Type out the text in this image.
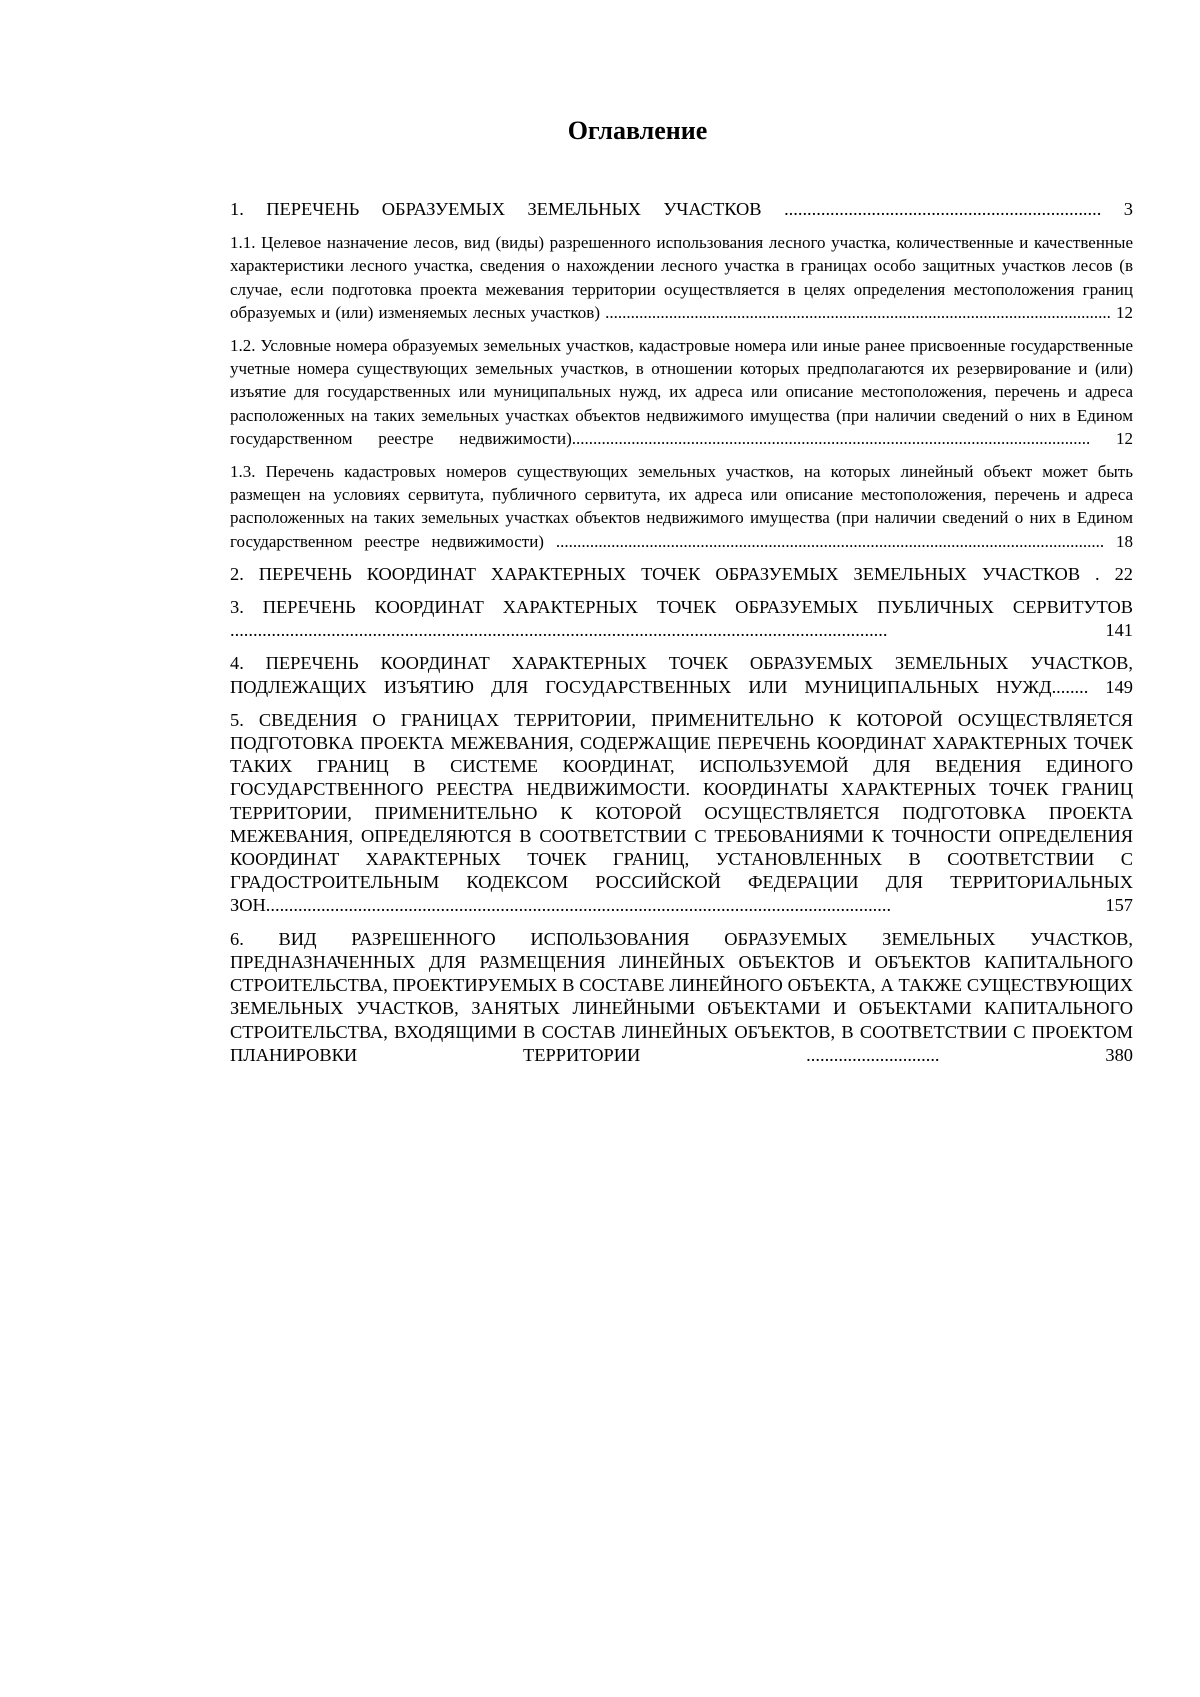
Оглавление

1. ПЕРЕЧЕНЬ ОБРАЗУЕМЫХ ЗЕМЕЛЬНЫХ УЧАСТКОВ ..................................................................... 3

1.1. Целевое назначение лесов, вид (виды) разрешенного использования лесного участка, количественные и качественные характеристики лесного участка, сведения о нахождении лесного участка в границах особо защитных участков лесов (в случае, если подготовка проекта межевания территории осуществляется в целях определения местоположения границ образуемых и (или) изменяемых лесных участков) ....................................................................................................................... 12

1.2. Условные номера образуемых земельных участков, кадастровые номера или иные ранее присвоенные государственные учетные номера существующих земельных участков, в отношении которых предполагаются их резервирование и (или) изъятие для государственных или муниципальных нужд, их адреса или описание местоположения, перечень и адреса расположенных на таких земельных участках объектов недвижимого имущества (при наличии сведений о них в Едином государственном реестре недвижимости).......................................................................................................................... 12

1.3. Перечень кадастровых номеров существующих земельных участков, на которых линейный объект может быть размещен на условиях сервитута, публичного сервитута, их адреса или описание местоположения, перечень и адреса расположенных на таких земельных участках объектов недвижимого имущества (при наличии сведений о них в Едином государственном реестре недвижимости) ................................................................................................................................. 18

2. ПЕРЕЧЕНЬ КООРДИНАТ ХАРАКТЕРНЫХ ТОЧЕК ОБРАЗУЕМЫХ ЗЕМЕЛЬНЫХ УЧАСТКОВ . 22

3. ПЕРЕЧЕНЬ КООРДИНАТ ХАРАКТЕРНЫХ ТОЧЕК ОБРАЗУЕМЫХ ПУБЛИЧНЫХ СЕРВИТУТОВ ............................................................................................................................................... 141

4. ПЕРЕЧЕНЬ КООРДИНАТ ХАРАКТЕРНЫХ ТОЧЕК ОБРАЗУЕМЫХ ЗЕМЕЛЬНЫХ УЧАСТКОВ, ПОДЛЕЖАЩИХ ИЗЪЯТИЮ ДЛЯ ГОСУДАРСТВЕННЫХ ИЛИ МУНИЦИПАЛЬНЫХ НУЖД........ 149

5. СВЕДЕНИЯ О ГРАНИЦАХ ТЕРРИТОРИИ, ПРИМЕНИТЕЛЬНО К КОТОРОЙ ОСУЩЕСТВЛЯЕТСЯ ПОДГОТОВКА ПРОЕКТА МЕЖЕВАНИЯ, СОДЕРЖАЩИЕ ПЕРЕЧЕНЬ КООРДИНАТ ХАРАКТЕРНЫХ ТОЧЕК ТАКИХ ГРАНИЦ В СИСТЕМЕ КООРДИНАТ, ИСПОЛЬЗУЕМОЙ ДЛЯ ВЕДЕНИЯ ЕДИНОГО ГОСУДАРСТВЕННОГО РЕЕСТРА НЕДВИЖИМОСТИ. КООРДИНАТЫ ХАРАКТЕРНЫХ ТОЧЕК ГРАНИЦ ТЕРРИТОРИИ, ПРИМЕНИТЕЛЬНО К КОТОРОЙ ОСУЩЕСТВЛЯЕТСЯ ПОДГОТОВКА ПРОЕКТА МЕЖЕВАНИЯ, ОПРЕДЕЛЯЮТСЯ В СООТВЕТСТВИИ С ТРЕБОВАНИЯМИ К ТОЧНОСТИ ОПРЕДЕЛЕНИЯ КООРДИНАТ ХАРАКТЕРНЫХ ТОЧЕК ГРАНИЦ, УСТАНОВЛЕННЫХ В СООТВЕТСТВИИ С ГРАДОСТРОИТЕЛЬНЫМ КОДЕКСОМ РОССИЙСКОЙ ФЕДЕРАЦИИ ДЛЯ ТЕРРИТОРИАЛЬНЫХ ЗОН........................................................................................................................................ 157

6. ВИД РАЗРЕШЕННОГО ИСПОЛЬЗОВАНИЯ ОБРАЗУЕМЫХ ЗЕМЕЛЬНЫХ УЧАСТКОВ, ПРЕДНАЗНАЧЕННЫХ ДЛЯ РАЗМЕЩЕНИЯ ЛИНЕЙНЫХ ОБЪЕКТОВ И ОБЪЕКТОВ КАПИТАЛЬНОГО СТРОИТЕЛЬСТВА, ПРОЕКТИРУЕМЫХ В СОСТАВЕ ЛИНЕЙНОГО ОБЪЕКТА, А ТАКЖЕ СУЩЕСТВУЮЩИХ ЗЕМЕЛЬНЫХ УЧАСТКОВ, ЗАНЯТЫХ ЛИНЕЙНЫМИ ОБЪЕКТАМИ И ОБЪЕКТАМИ КАПИТАЛЬНОГО СТРОИТЕЛЬСТВА, ВХОДЯЩИМИ В СОСТАВ ЛИНЕЙНЫХ ОБЪЕКТОВ, В СООТВЕТСТВИИ С ПРОЕКТОМ ПЛАНИРОВКИ ТЕРРИТОРИИ ............................. 380
